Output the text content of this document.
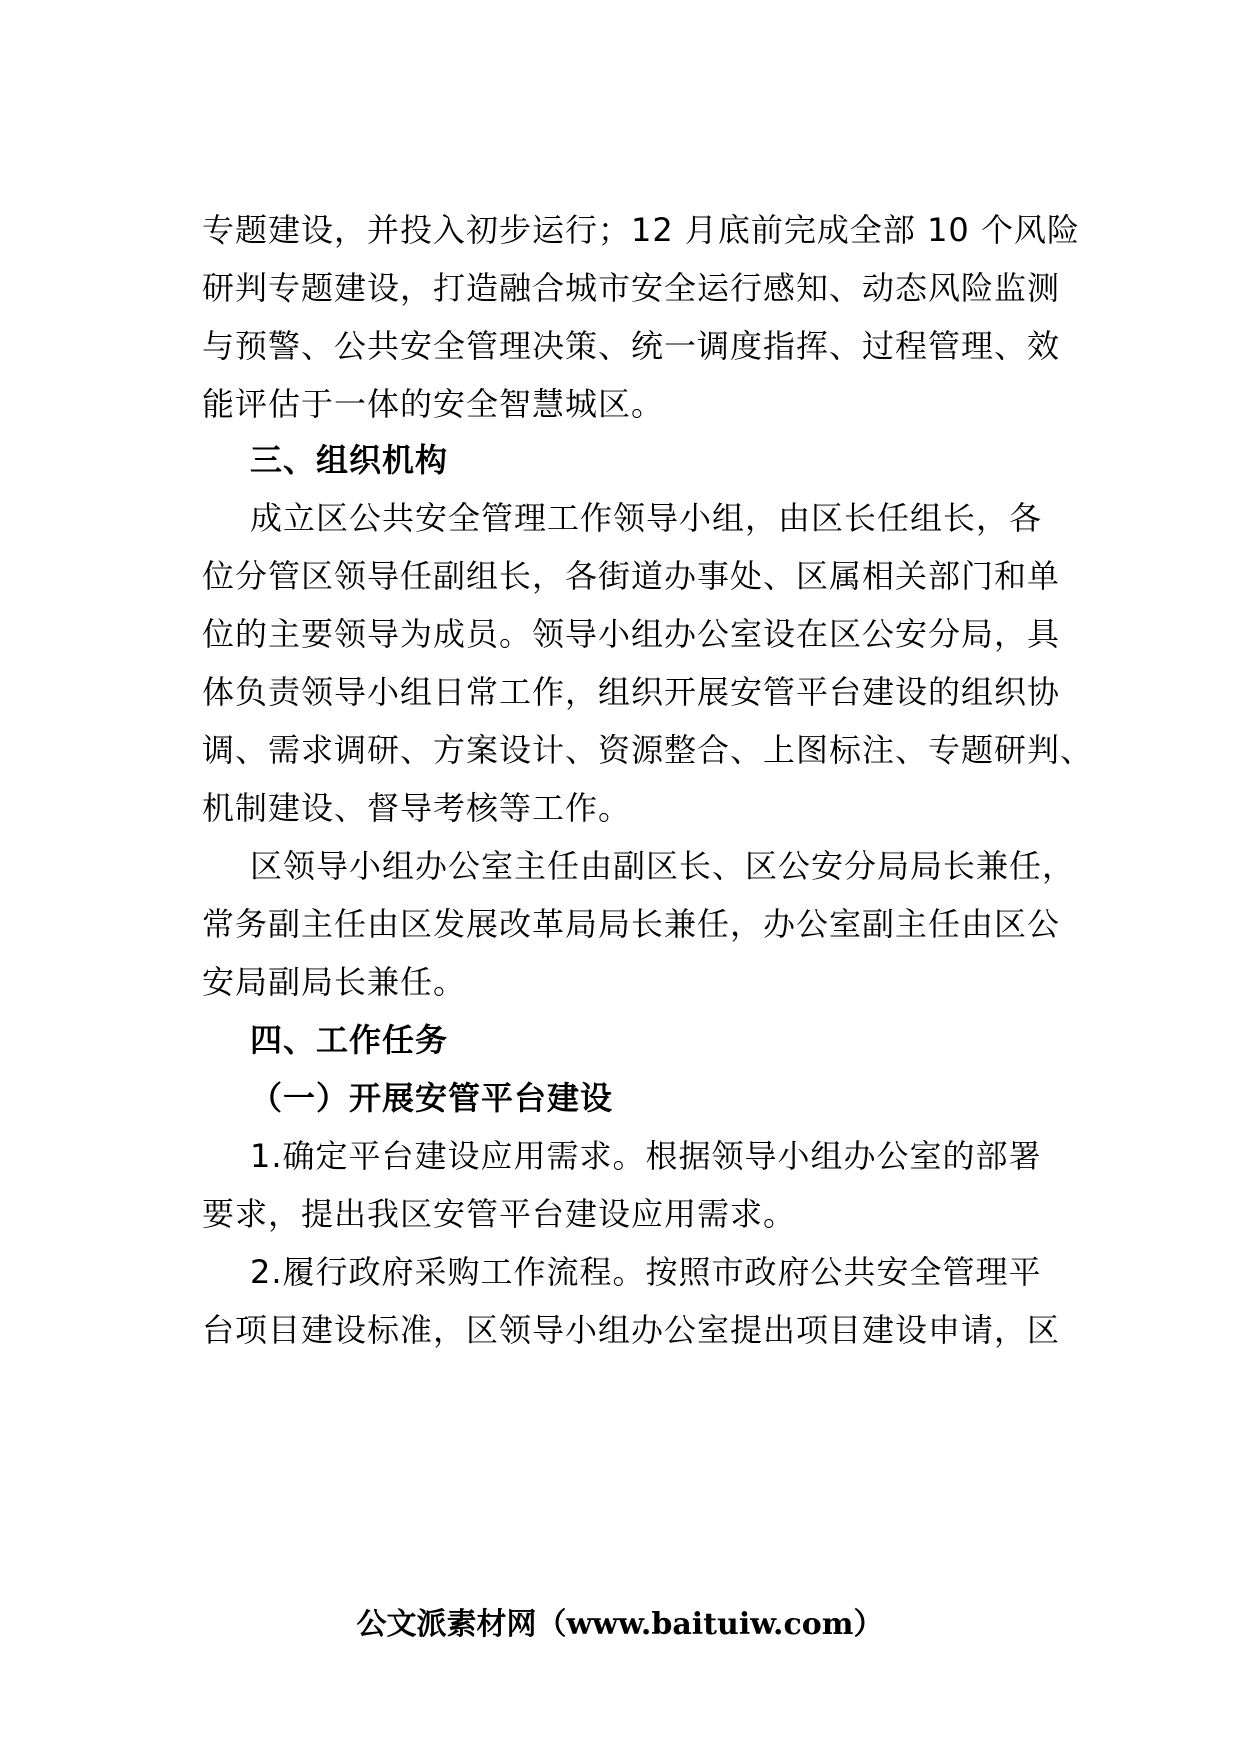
专题建设，并投入初步运行；12 月底前完成全部 10 个风险
研判专题建设，打造融合城市安全运行感知、动态风险监测
与预警、公共安全管理决策、统一调度指挥、过程管理、效
能评估于一体的安全智慧城区。
三、组织机构
成立区公共安全管理工作领导小组，由区长任组长，各
位分管区领导任副组长，各街道办事处、区属相关部门和单
位的主要领导为成员。领导小组办公室设在区公安分局，具
体负责领导小组日常工作，组织开展安管平台建设的组织协
调、需求调研、方案设计、资源整合、上图标注、专题研判、
机制建设、督导考核等工作。
区领导小组办公室主任由副区长、区公安分局局长兼任，
常务副主任由区发展改革局局长兼任，办公室副主任由区公
安局副局长兼任。
四、工作任务
（一）开展安管平台建设
1.确定平台建设应用需求。根据领导小组办公室的部署
要求，提出我区安管平台建设应用需求。
2.履行政府采购工作流程。按照市政府公共安全管理平
台项目建设标准，区领导小组办公室提出项目建设申请，区
公文派素材网（www.baituiw.com）
